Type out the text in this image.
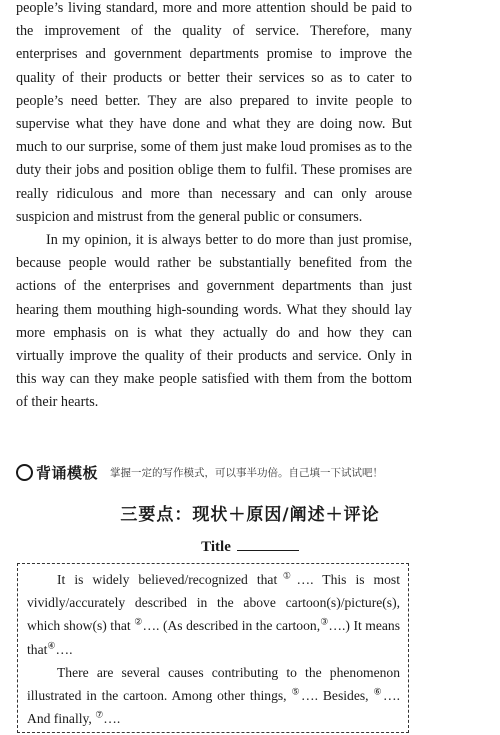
people’s living standard, more and more attention should be paid to the improvement of the quality of service. Therefore, many enterprises and government departments promise to improve the quality of their products or better their services so as to cater to people’s need better. They are also prepared to invite people to supervise what they have done and what they are doing now. But much to our surprise, some of them just make loud promises as to the duty their jobs and position oblige them to fulfil. These promises are really ridiculous and more than necessary and can only arouse suspicion and mistrust from the general public or consumers.

In my opinion, it is always better to do more than just promise, because people would rather be substantially benefited from the actions of the enterprises and government departments than just hearing them mouthing high-sounding words. What they should lay more emphasis on is what they actually do and how they can virtually improve the quality of their products and service. Only in this way can they make people satisfied with them from the bottom of their hearts.

背诵模板 掌握一定的写作模式，可以事半功倍。自己填一下试试吧！
三要点：现状＋原因/阐述＋评论
Title

It is widely believed/recognized that①…. This is most vividly/accurately described in the above cartoon(s)/picture(s), which show(s) that ②…. (As described in the cartoon,③….) It means that④….

There are several causes contributing to the phenomenon illustrated in the cartoon. Among other things, ⑤…. Besides, ⑥…. And finally, ⑦….
